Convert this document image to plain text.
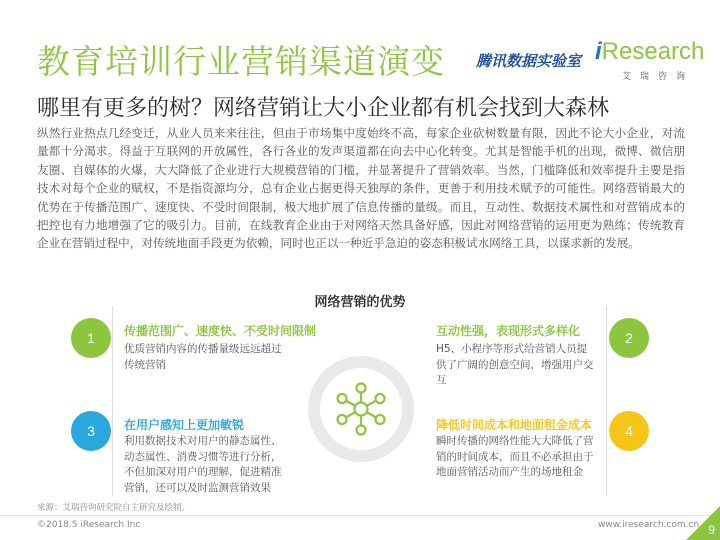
教育培训行业营销渠道演变 腾讯数据实验室 iResearch
艾瑞咨询
哪里有更多的树？网络营销让大小企业都有机会找到大森林
纵然行业热点几经变迁，从业人员来来往往，但由于市场集中度始终不高，每家企业砍树数量有限，因此不论大小企业，对流量都十分渴求。得益于互联网的开放属性，各行各业的发声渠道都在向去中心化转变。尤其是智能手机的出现，微博、微信朋友圈、自媒体的火爆，大大降低了企业进行大规模营销的门槛，并显著提升了营销效率。当然，门槛降低和效率提升主要是指技术对每个企业的赋权，不是指资源均分，总有企业占据更得天独厚的条件，更善于利用技术赋予的可能性。网络营销最大的优势在于传播范围广、速度快、不受时间限制，极大地扩展了信息传播的量级。而且，互动性、数据技术属性和对营销成本的把控也有力地增强了它的吸引力。目前，在线教育企业由于对网络天然具备好感，因此对网络营销的运用更为熟练；传统教育企业在营销过程中，对传统地面手段更为依赖，同时也正以一种近乎急迫的姿态积极试水网络工具，以谋求新的发展。
网络营销的优势
1	传播范围广、速度快、不受时间限制
优质营销内容的传播量级远远超过传统营销
2
互动性强，表现形式多样化
H5、小程序等形式给营销人员提供了广阔的创意空间，增强用户交互
3	在用户感知上更加敏锐
利用数据技术对用户的静态属性、动态属性、消费习惯等进行分析，不但加深对用户的理解，促进精准营销，还可以及时监测营销效果
4
降低时间成本和地面租金成本
瞬时传播的网络性能大大降低了营销的时间成本，而且不必承担由于地面营销活动而产生的场地租金
来源：艾瑞咨询研究院自主研究及绘制。
©2018.5 iResearch Inc	www.iresearch.com.cn 9
